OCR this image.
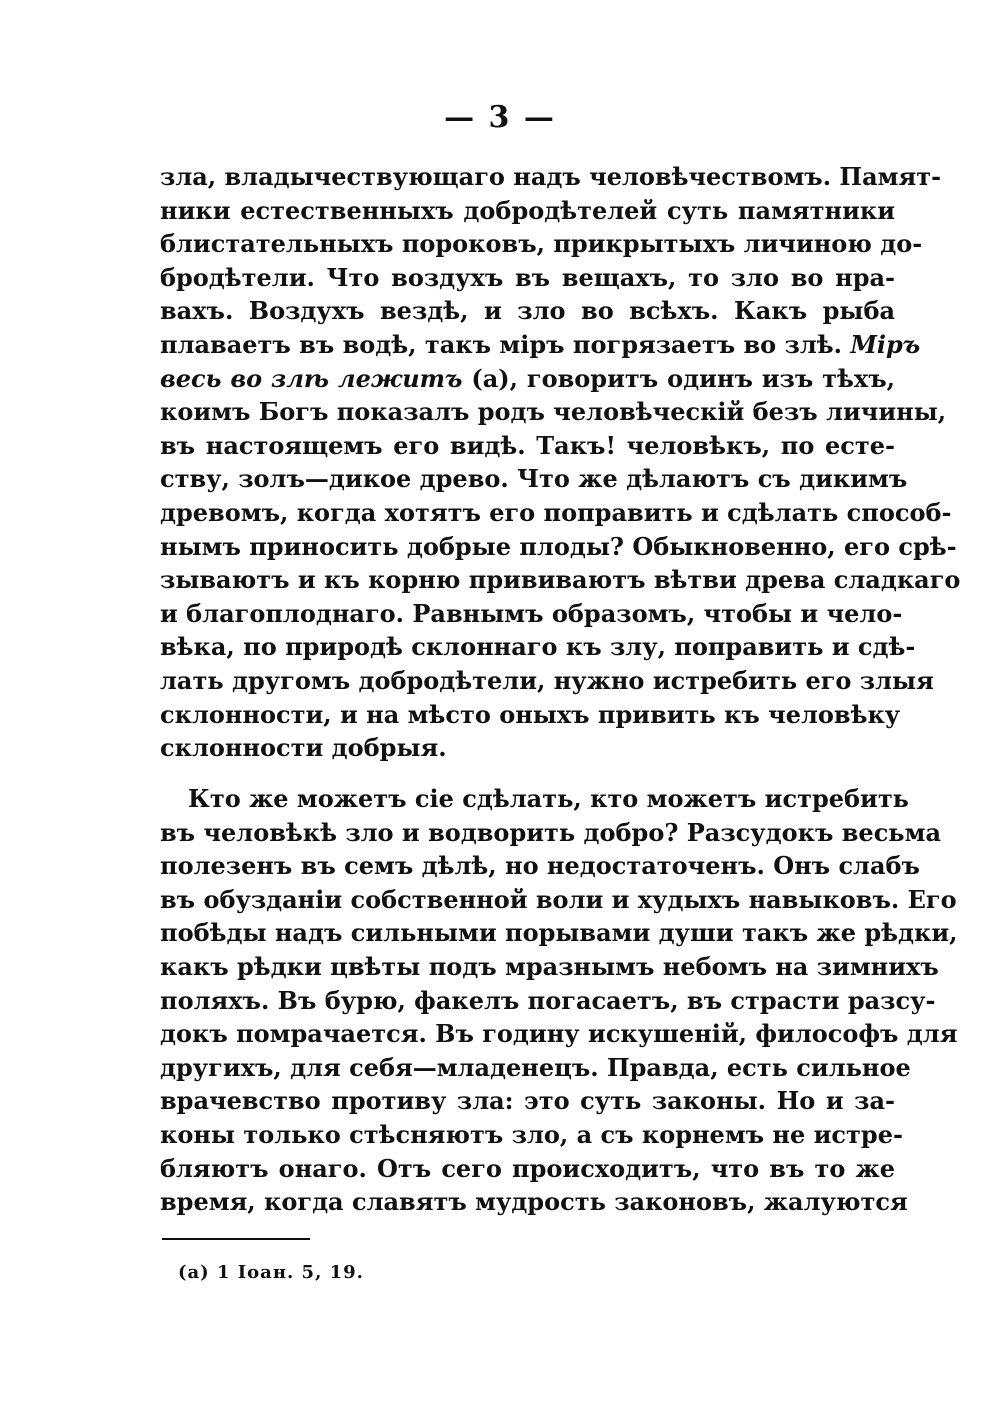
— 3 —
зла, владычествующаго надъ человѣчествомъ. Памят-
ники естественныхъ добродѣтелей суть памятники
блистательныхъ пороковъ, прикрытыхъ личиною до-
бродѣтели. Что воздухъ въ вещахъ, то зло во нра-
вахъ. Воздухъ вездѣ, и зло во всѣхъ. Какъ рыба
плаваетъ въ водѣ, такъ міръ погрязаетъ во злѣ. Міръ
весь во злѣ лежитъ (а), говоритъ одинъ изъ тѣхъ,
коимъ Богъ показалъ родъ человѣческій безъ личины,
въ настоящемъ его видѣ. Такъ! человѣкъ, по есте-
ству, золъ—дикое древо. Что же дѣлаютъ съ дикимъ
древомъ, когда хотятъ его поправить и сдѣлать способ-
нымъ приносить добрые плоды? Обыкновенно, его срѣ-
зываютъ и къ корню прививаютъ вѣтви древа сладкаго
и благоплоднаго. Равнымъ образомъ, чтобы и чело-
вѣка, по природѣ склоннаго къ злу, поправить и сдѣ-
лать другомъ добродѣтели, нужно истребить его злыя
склонности, и на мѣсто оныхъ привить къ человѣку
склонности добрыя.
Кто же можетъ сіе сдѣлать, кто можетъ истребить
въ человѣкѣ зло и водворить добро? Разсудокъ весьма
полезенъ въ семъ дѣлѣ, но недостаточенъ. Онъ слабъ
въ обузданіи собственной воли и худыхъ навыковъ. Его
побѣды надъ сильными порывами души такъ же рѣдки,
какъ рѣдки цвѣты подъ мразнымъ небомъ на зимнихъ
поляхъ. Въ бурю, факелъ погасаетъ, въ страсти разсу-
докъ помрачается. Въ годину искушеній, философъ для
другихъ, для себя—младенецъ. Правда, есть сильное
врачевство противу зла: это суть законы. Но и за-
коны только стѣсняютъ зло, а съ корнемъ не истре-
бляютъ онаго. Отъ сего происходитъ, что въ то же
время, когда славятъ мудрость законовъ, жалуются
(а) 1 Іоан. 5, 19.
